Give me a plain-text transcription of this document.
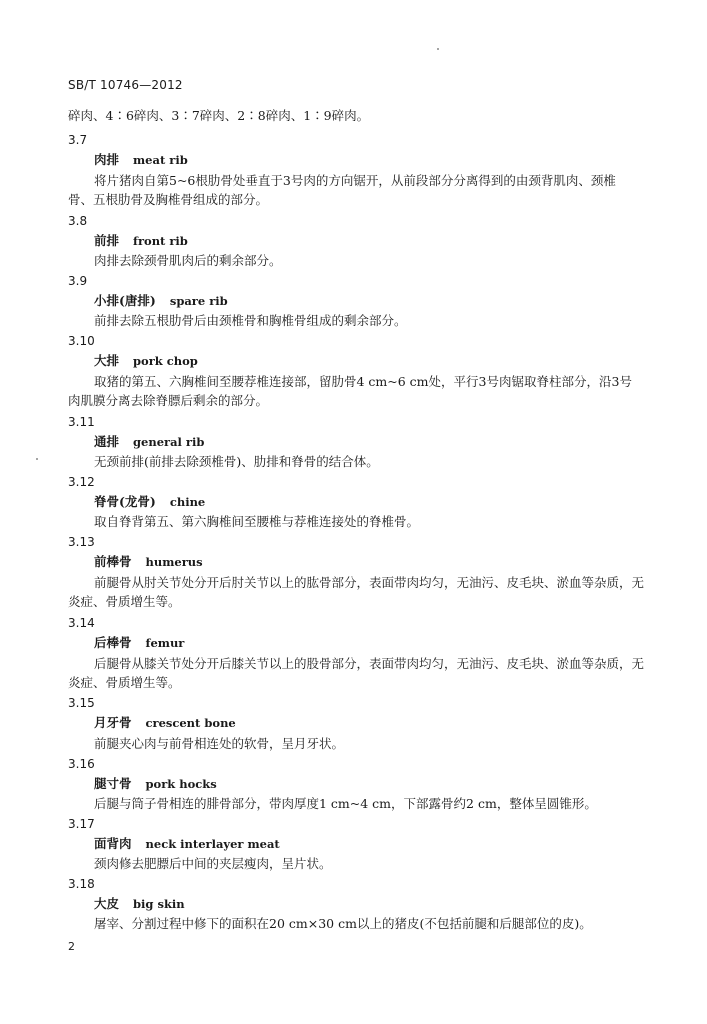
SB/T 10746—2012
碎肉、4∶6碎肉、3∶7碎肉、2∶8碎肉、1∶9碎肉。
3.7
肉排 meat rib
将片猪肉自第5~6根肋骨处垂直于3号肉的方向锯开，从前段部分分离得到的由颈背肌肉、颈椎
骨、五根肋骨及胸椎骨组成的部分。
3.8
前排 front rib
肉排去除颈骨肌肉后的剩余部分。
3.9
小排(唐排) spare rib
前排去除五根肋骨后由颈椎骨和胸椎骨组成的剩余部分。
3.10
大排 pork chop
取猪的第五、六胸椎间至腰荐椎连接部，留肋骨4 cm~6 cm处，平行3号肉锯取脊柱部分，沿3号
肉肌膜分离去除脊膘后剩余的部分。
3.11
通排 general rib
无颈前排(前排去除颈椎骨)、肋排和脊骨的结合体。
3.12
脊骨(龙骨) chine
取自脊背第五、第六胸椎间至腰椎与荐椎连接处的脊椎骨。
3.13
前棒骨 humerus
前腿骨从肘关节处分开后肘关节以上的肱骨部分，表面带肉均匀，无油污、皮毛块、淤血等杂质，无
炎症、骨质增生等。
3.14
后棒骨 femur
后腿骨从膝关节处分开后膝关节以上的股骨部分，表面带肉均匀，无油污、皮毛块、淤血等杂质，无
炎症、骨质增生等。
3.15
月牙骨 crescent bone
前腿夹心肉与前骨相连处的软骨，呈月牙状。
3.16
腿寸骨 pork hocks
后腿与筒子骨相连的腓骨部分，带肉厚度1 cm~4 cm，下部露骨约2 cm，整体呈圆锥形。
3.17
面背肉 neck interlayer meat
颈肉修去肥膘后中间的夹层瘦肉，呈片状。
3.18
大皮 big skin
屠宰、分割过程中修下的面积在20 cm×30 cm以上的猪皮(不包括前腿和后腿部位的皮)。
2
